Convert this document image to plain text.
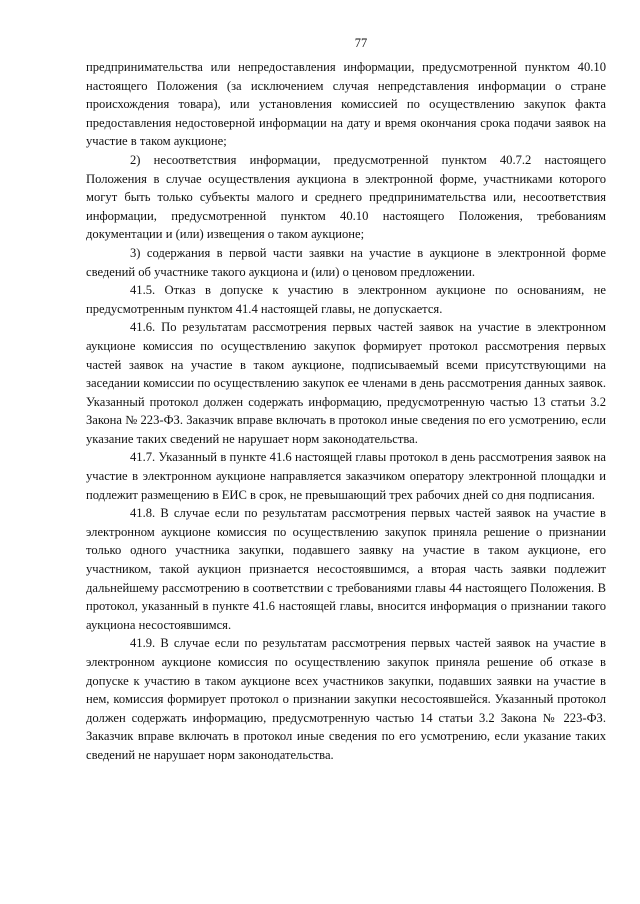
77

предпринимательства или непредоставления информации, предусмотренной пунктом 40.10 настоящего Положения (за исключением случая непредставления информации о стране происхождения товара), или установления комиссией по осуществлению закупок факта предоставления недостоверной информации на дату и время окончания срока подачи заявок на участие в таком аукционе;

2) несоответствия информации, предусмотренной пунктом 40.7.2 настоящего Положения в случае осуществления аукциона в электронной форме, участниками которого могут быть только субъекты малого и среднего предпринимательства или, несоответствия информации, предусмотренной пунктом 40.10 настоящего Положения, требованиям документации и (или) извещения о таком аукционе;

3) содержания в первой части заявки на участие в аукционе в электронной форме сведений об участнике такого аукциона и (или) о ценовом предложении.

41.5. Отказ в допуске к участию в электронном аукционе по основаниям, не предусмотренным пунктом 41.4 настоящей главы, не допускается.

41.6. По результатам рассмотрения первых частей заявок на участие в электронном аукционе комиссия по осуществлению закупок формирует протокол рассмотрения первых частей заявок на участие в таком аукционе, подписываемый всеми присутствующими на заседании комиссии по осуществлению закупок ее членами в день рассмотрения данных заявок. Указанный протокол должен содержать информацию, предусмотренную частью 13 статьи 3.2 Закона № 223-ФЗ. Заказчик вправе включать в протокол иные сведения по его усмотрению, если указание таких сведений не нарушает норм законодательства.

41.7. Указанный в пункте 41.6 настоящей главы протокол в день рассмотрения заявок на участие в электронном аукционе направляется заказчиком оператору электронной площадки и подлежит размещению в ЕИС в срок, не превышающий трех рабочих дней со дня подписания.

41.8. В случае если по результатам рассмотрения первых частей заявок на участие в электронном аукционе комиссия по осуществлению закупок приняла решение о признании только одного участника закупки, подавшего заявку на участие в таком аукционе, его участником, такой аукцион признается несостоявшимся, а вторая часть заявки подлежит дальнейшему рассмотрению в соответствии с требованиями главы 44 настоящего Положения. В протокол, указанный в пункте 41.6 настоящей главы, вносится информация о признании такого аукциона несостоявшимся.

41.9. В случае если по результатам рассмотрения первых частей заявок на участие в электронном аукционе комиссия по осуществлению закупок приняла решение об отказе в допуске к участию в таком аукционе всех участников закупки, подавших заявки на участие в нем, комиссия формирует протокол о признании закупки несостоявшейся. Указанный протокол должен содержать информацию, предусмотренную частью 14 статьи 3.2 Закона № 223-ФЗ. Заказчик вправе включать в протокол иные сведения по его усмотрению, если указание таких сведений не нарушает норм законодательства.
